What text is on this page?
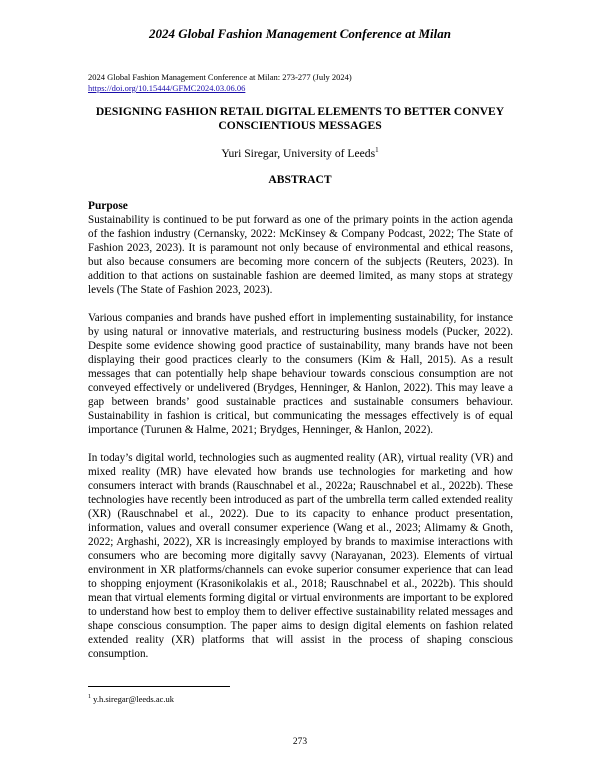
2024 Global Fashion Management Conference at Milan
2024 Global Fashion Management Conference at Milan: 273-277 (July 2024)
https://doi.org/10.15444/GFMC2024.03.06.06
DESIGNING FASHION RETAIL DIGITAL ELEMENTS TO BETTER CONVEY CONSCIENTIOUS MESSAGES
Yuri Siregar, University of Leeds$^1$
ABSTRACT
Purpose

Sustainability is continued to be put forward as one of the primary points in the action agenda of the fashion industry (Cernansky, 2022: McKinsey & Company Podcast, 2022; The State of Fashion 2023, 2023). It is paramount not only because of environmental and ethical reasons, but also because consumers are becoming more concern of the subjects (Reuters, 2023). In addition to that actions on sustainable fashion are deemed limited, as many stops at strategy levels (The State of Fashion 2023, 2023).

Various companies and brands have pushed effort in implementing sustainability, for instance by using natural or innovative materials, and restructuring business models (Pucker, 2022). Despite some evidence showing good practice of sustainability, many brands have not been displaying their good practices clearly to the consumers (Kim & Hall, 2015). As a result messages that can potentially help shape behaviour towards conscious consumption are not conveyed effectively or undelivered (Brydges, Henninger, & Hanlon, 2022). This may leave a gap between brands’ good sustainable practices and sustainable consumers behaviour. Sustainability in fashion is critical, but communicating the messages effectively is of equal importance (Turunen & Halme, 2021; Brydges, Henninger, & Hanlon, 2022).

In today’s digital world, technologies such as augmented reality (AR), virtual reality (VR) and mixed reality (MR) have elevated how brands use technologies for marketing and how consumers interact with brands (Rauschnabel et al., 2022a; Rauschnabel et al., 2022b). These technologies have recently been introduced as part of the umbrella term called extended reality (XR) (Rauschnabel et al., 2022). Due to its capacity to enhance product presentation, information, values and overall consumer experience (Wang et al., 2023; Alimamy & Gnoth, 2022; Arghashi, 2022), XR is increasingly employed by brands to maximise interactions with consumers who are becoming more digitally savvy (Narayanan, 2023). Elements of virtual environment in XR platforms/channels can evoke superior consumer experience that can lead to shopping enjoyment (Krasonikolakis et al., 2018; Rauschnabel et al., 2022b). This should mean that virtual elements forming digital or virtual environments are important to be explored to understand how best to employ them to deliver effective sustainability related messages and shape conscious consumption. The paper aims to design digital elements on fashion related extended reality (XR) platforms that will assist in the process of shaping conscious consumption.

$^1$ y.h.siregar@leeds.ac.uk
273
